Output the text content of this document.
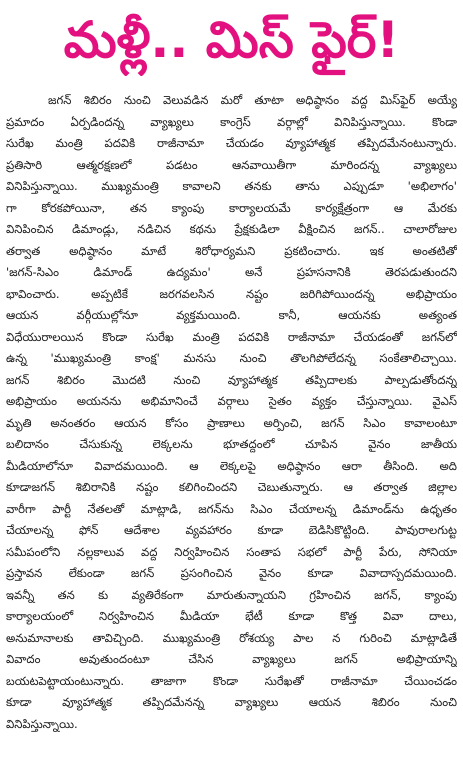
మళ్లీ.. మిస్ ఫైర్!
జగన్ శిబిరం నుంచి వెలువడిన మరో తూటా అధిష్ఠానం వద్ద మిస్‌ఫైర్ అయ్యే
ప్రమాదం ఏర్పడిందన్న వ్యాఖ్యలు కాంగ్రెస్ వర్గాల్లో వినిపిస్తున్నాయి. కొండా
సురేఖ మంత్రి పదవికి రాజీనామా చేయడం వ్యూహాత్మక తప్పిదమేనంటున్నారు.
ప్రతిసారి ఆత్మరక్షణలో పడటం ఆనవాయితీగా మారిందన్న వ్యాఖ్యలు
వినిపిస్తున్నాయి. ముఖ్యమంత్రి కావాలని తనకు తాను ఎప్పుడూ 'అభిలాగం'
గా కోరకపోయినా, తన క్యాంపు కార్యాలయమే కార్యక్షేత్రంగా ఆ మేరకు
వినిపించిన డిమాండ్లు, నడిచిన కథను ప్రేక్షకుడిలా వీక్షించిన జగన్.. చాలారోజుల
తర్వాత అధిష్ఠానం మాటే శిరోధార్యమని ప్రకటించారు. ఇక అంతటితో
'జగన్-సిఎం డిమాండ్ ఉద్యమం' అనే ప్రహసనానికి తెరపడుతుందని
భావించారు. అప్పటికే జరగవలసిన నష్టం జరిగిపోయిందన్న అభిప్రాయం
ఆయన వర్గీయుల్లోనూ వ్యక్తమయింది. కానీ, ఆయనకు అత్యంత
విధేయురాలయిన కొండా సురేఖ మంత్రి పదవికి రాజీనామా చేయడంతో జగన్‌లో
ఉన్న 'ముఖ్యమంత్రి కాంక్ష' మనసు నుంచి తొలగిపోలేదన్న సంకేతాలిచ్చాయి.
జగన్ శిబిరం మొదటి నుంచి వ్యూహాత్మక తప్పిదాలకు పాల్పడుతోందన్న
అభిప్రాయం అయనను అభిమానించే వర్గాలు సైతం వ్యక్తం చేస్తున్నాయి. వైఎస్
మృతి అనంతరం ఆయన కోసం ప్రాణాలు అర్పించి, జగన్ సిఎం కావాలంటూ
బలిదానం చేసుకున్న లెక్కలను భూతద్దంలో చూపిన వైనం జాతీయ
మీడియాలోనూ వివాదమయింది. ఆ లెక్కలపై అధిష్ఠానం ఆరా తీసింది. అది
కూడాజగన్ శిబిరానికి నష్టం కలిగించిందని చెబుతున్నారు. ఆ తర్వాత జిల్లాల
వారీగా పార్టీ నేతలతో మాట్లాడి, జగన్‌ను సిఎం చేయాలన్న డిమాండ్‌ను ఉధృతం
చేయాలన్న ఫోన్ ఆదేశాల వ్యవహారం కూడా బెడిసికొట్టింది. పావురాలగుట్ట
సమీపంలోని నల్లకాలువ వద్ద నిర్వహించిన సంతాప సభలో పార్టీ పేరు, సోనియా
ప్రస్తావన లేకుండా జగన్ ప్రసంగించిన వైనం కూడా వివాదాస్పదమయింది.
ఇవన్నీ తన కు వ్యతిరేకంగా మారుతున్నాయని గ్రహించిన జగన్, క్యాంపు
కార్యాలయంలో నిర్వహించిన మీడియా భేటీ కూడా కొత్త వివా దాలు,
అనుమానాలకు తావిచ్చింది. ముఖ్యమంత్రి రోశయ్య పాల న గురించి మాట్లాడితే
వివాదం అవుతుందంటూ చేసిన వ్యాఖ్యలు జగన్ అభిప్రాయాన్ని
బయటపెట్టాయంటున్నారు. తాజాగా కొండా సురేఖతో రాజీనామా చేయించడం
కూడా వ్యూహాత్మక తప్పిదమేనన్న వ్యాఖ్యలు ఆయన శిబిరం నుంచి
వినిపిస్తున్నాయి.
